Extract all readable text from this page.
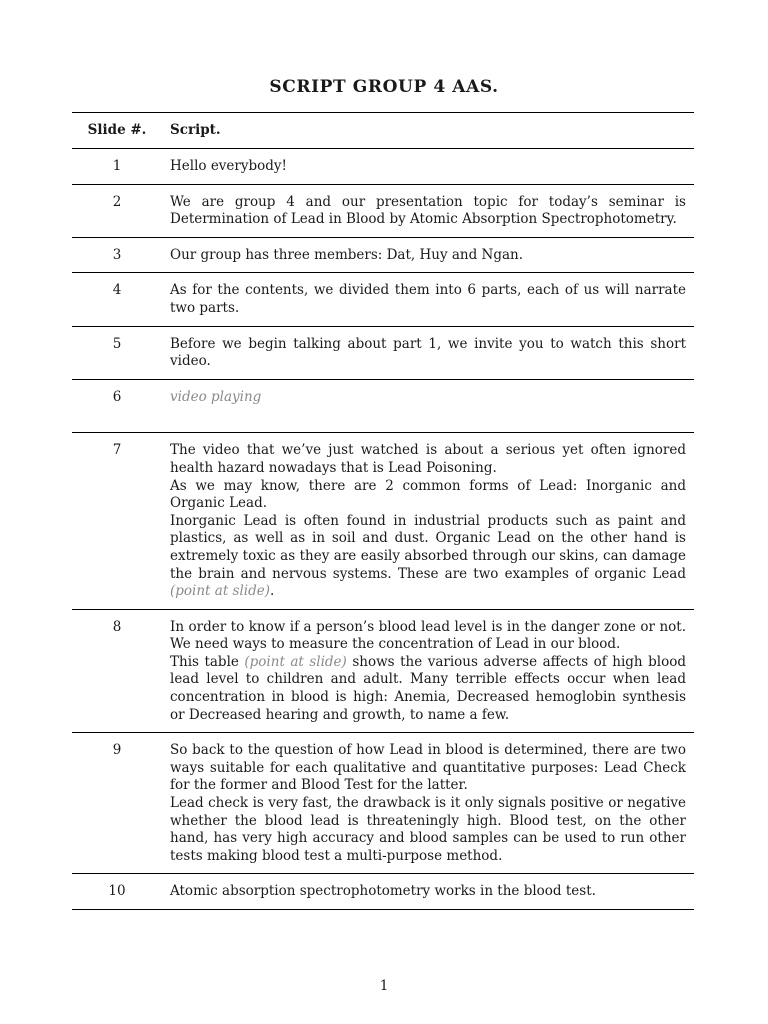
SCRIPT GROUP 4 AAS.
Slide #.	Script.
1	Hello everybody!

2	We are group 4 and our presentation topic for today’s seminar is Determination of Lead in Blood by Atomic Absorption Spectrophotometry.

3	Our group has three members: Dat, Huy and Ngan.

4	As for the contents, we divided them into 6 parts, each of us will narrate two parts.

5	Before we begin talking about part 1, we invite you to watch this short video.

6	video playing

7	The video that we’ve just watched is about a serious yet often ignored health hazard nowadays that is Lead Poisoning.
As we may know, there are 2 common forms of Lead: Inorganic and Organic Lead.
Inorganic Lead is often found in industrial products such as paint and plastics, as well as in soil and dust. Organic Lead on the other hand is extremely toxic as they are easily absorbed through our skins, can damage the brain and nervous systems. These are two examples of organic Lead (point at slide).

8	In order to know if a person’s blood lead level is in the danger zone or not. We need ways to measure the concentration of Lead in our blood.
This table (point at slide) shows the various adverse affects of high blood lead level to children and adult. Many terrible effects occur when lead concentration in blood is high: Anemia, Decreased hemoglobin synthesis or Decreased hearing and growth, to name a few.

9	So back to the question of how Lead in blood is determined, there are two ways suitable for each qualitative and quantitative purposes: Lead Check for the former and Blood Test for the latter.
Lead check is very fast, the drawback is it only signals positive or negative whether the blood lead is threateningly high. Blood test, on the other hand, has very high accuracy and blood samples can be used to run other tests making blood test a multi-purpose method.

10	Atomic absorption spectrophotometry works in the blood test.
1
